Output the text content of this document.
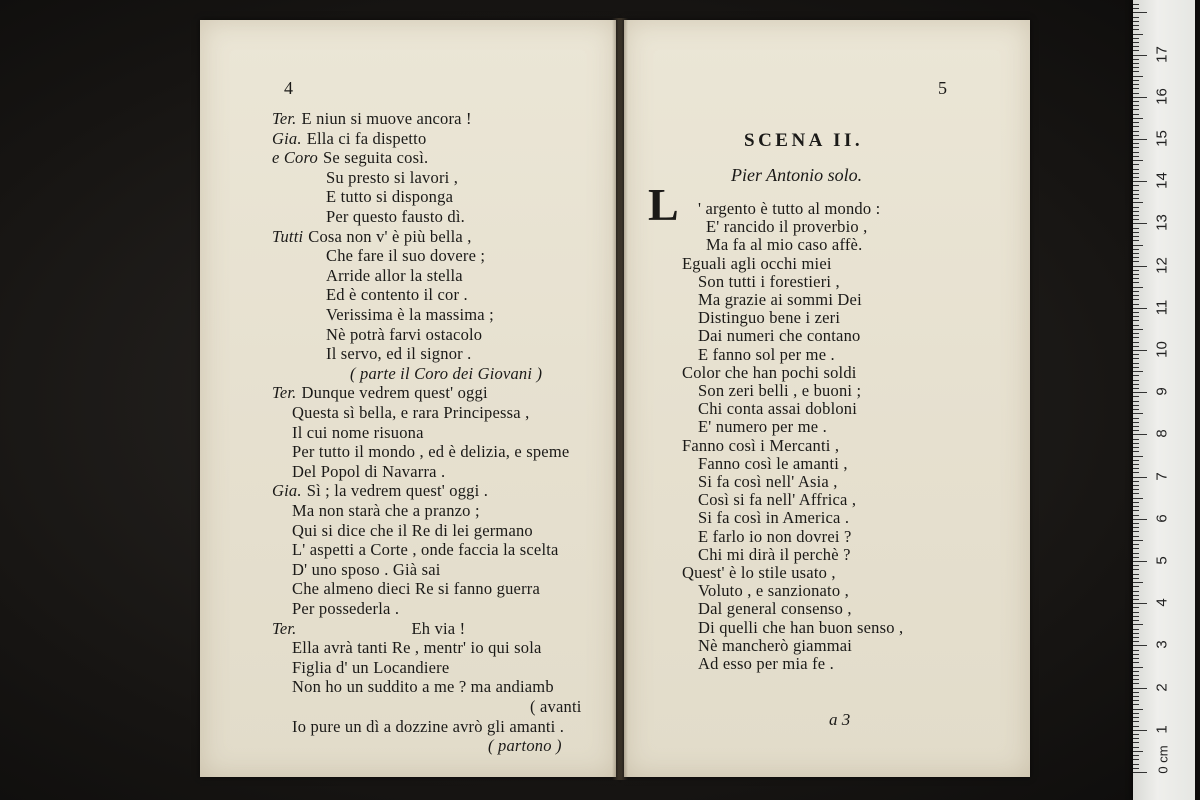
4
Ter. E niun si muove ancora !
Gia. Ella ci fa dispetto
e Coro Se seguita così.
Su presto si lavori ,
E tutto si disponga
Per questo fausto dì.
Tutti Cosa non v' è più bella ,
Che fare il suo dovere ;
Arride allor la stella
Ed è contento il cor .
Verissima è la massima ;
Nè potrà farvi ostacolo
Il servo, ed il signor .
( parte il Coro dei Giovani )
Ter. Dunque vedrem quest' oggi
Questa sì bella, e rara Principessa ,
Il cui nome risuona
Per tutto il mondo , ed è delizia, e speme
Del Popol di Navarra .
Gia. Sì ; la vedrem quest' oggi .
Ma non starà che a pranzo ;
Qui si dice che il Re di lei germano
L' aspetti a Corte , onde faccia la scelta
D' uno sposo . Già sai
Che almeno dieci Re si fanno guerra
Per possederla .
Ter.	Eh via !
Ella avrà tanti Re , mentr' io qui sola
Figlia d' un Locandiere
Non ho un suddito a me ? ma andiamb
( avanti
Io pure un dì a dozzine avrò gli amanti .
( partono )
5
SCENA II.
Pier Antonio solo.
L ' argento è tutto al mondo :
E' rancido il proverbio ,
Ma fa al mio caso affè.
Eguali agli occhi miei
Son tutti i forestieri ,
Ma grazie ai sommi Dei
Distinguo bene i zeri
Dai numeri che contano
E fanno sol per me .
Color che han pochi soldi
Son zeri belli , e buoni ;
Chi conta assai dobloni
E' numero per me .
Fanno così i Mercanti ,
Fanno così le amanti ,
Si fa così nell' Asia ,
Così si fa nell' Affrica ,
Si fa così in America .
E farlo io non dovrei ?
Chi mi dirà il perchè ?
Quest' è lo stile usato ,
Voluto , e sanzionato ,
Dal general consenso ,
Di quelli che han buon senso ,
Nè mancherò giammai
Ad esso per mia fe .
a 3
1
2
3
4
5
6
7
8
9
10
11
12
13
14
15
16
17
0 cm
